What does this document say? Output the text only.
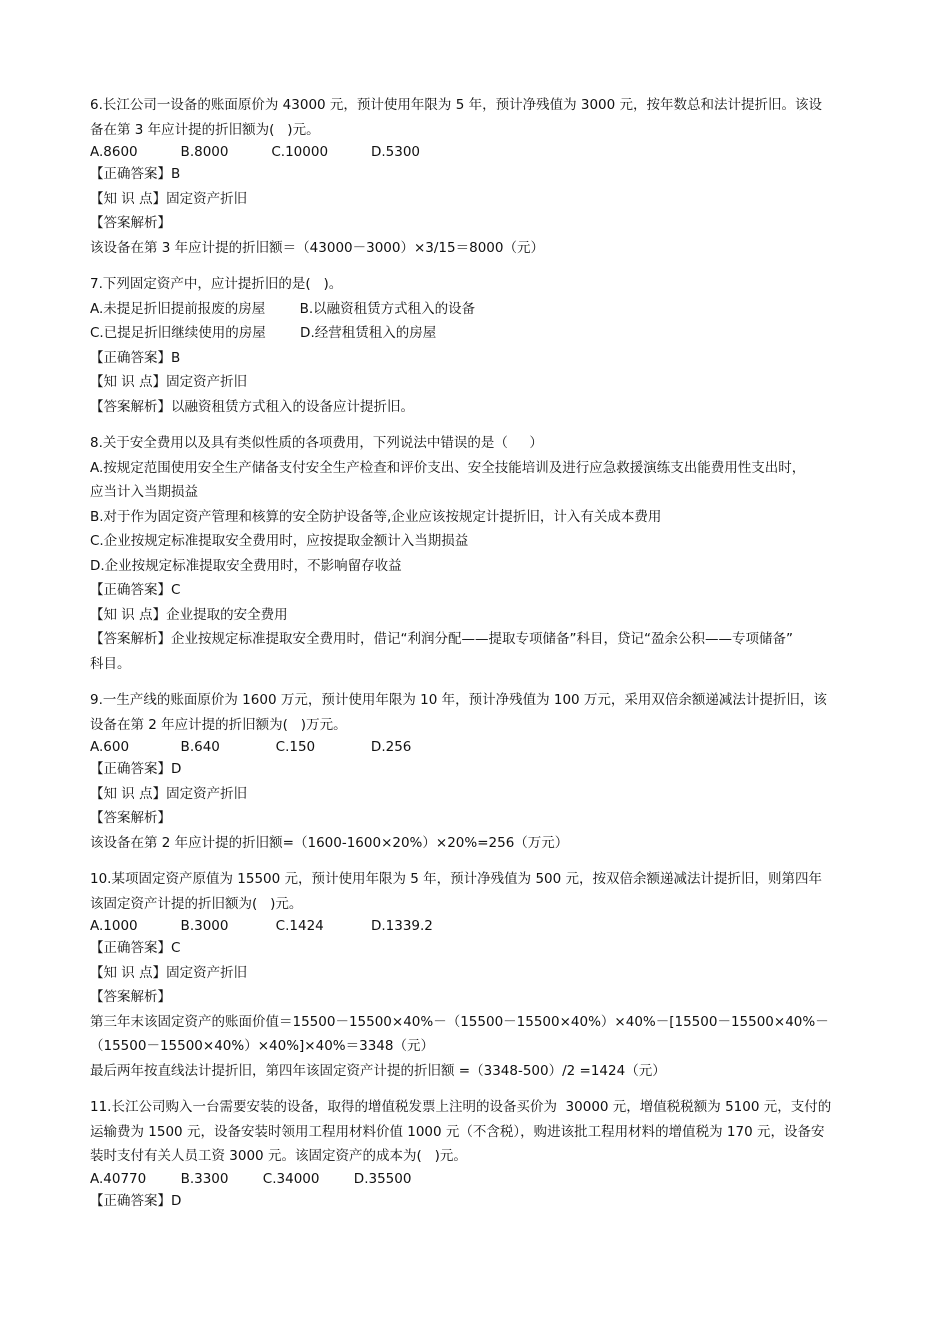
6.长江公司一设备的账面原价为 43000 元，预计使用年限为 5 年，预计净残值为 3000 元，按年数总和法计提折旧。该设
备在第 3 年应计提的折旧额为(   )元。
A.8600          B.8000          C.10000          D.5300
【正确答案】B
【知 识 点】固定资产折旧
【答案解析】
该设备在第 3 年应计提的折旧额＝（43000－3000）×3/15＝8000（元）
7.下列固定资产中，应计提折旧的是(   )。
A.未提足折旧提前报废的房屋        B.以融资租赁方式租入的设备
C.已提足折旧继续使用的房屋        D.经营租赁租入的房屋
【正确答案】B
【知 识 点】固定资产折旧
【答案解析】以融资租赁方式租入的设备应计提折旧。
8.关于安全费用以及具有类似性质的各项费用，下列说法中错误的是（     ）
A.按规定范围使用安全生产储备支付安全生产检查和评价支出、安全技能培训及进行应急救援演练支出能费用性支出时，
应当计入当期损益
B.对于作为固定资产管理和核算的安全防护设备等,企业应该按规定计提折旧，计入有关成本费用
C.企业按规定标准提取安全费用时，应按提取金额计入当期损益
D.企业按规定标准提取安全费用时，不影响留存收益
【正确答案】C
【知 识 点】企业提取的安全费用
【答案解析】企业按规定标准提取安全费用时，借记“利润分配——提取专项储备”科目，贷记“盈余公积——专项储备”
科目。
9.一生产线的账面原价为 1600 万元，预计使用年限为 10 年，预计净残值为 100 万元，采用双倍余额递减法计提折旧，该
设备在第 2 年应计提的折旧额为(   )万元。
A.600            B.640             C.150             D.256
【正确答案】D
【知 识 点】固定资产折旧
【答案解析】
该设备在第 2 年应计提的折旧额=（1600-1600×20%）×20%=256（万元）
10.某项固定资产原值为 15500 元，预计使用年限为 5 年，预计净残值为 500 元，按双倍余额递减法计提折旧，则第四年
该固定资产计提的折旧额为(   )元。
A.1000          B.3000           C.1424           D.1339.2
【正确答案】C
【知 识 点】固定资产折旧
【答案解析】
第三年末该固定资产的账面价值＝15500－15500×40%－（15500－15500×40%）×40%－[15500－15500×40%－
（15500－15500×40%）×40%]×40%＝3348（元）
最后两年按直线法计提折旧，第四年该固定资产计提的折旧额 =（3348-500）/2 =1424（元）
11.长江公司购入一台需要安装的设备，取得的增值税发票上注明的设备买价为  30000 元，增值税税额为 5100 元，支付的
运输费为 1500 元，设备安装时领用工程用材料价值 1000 元（不含税），购进该批工程用材料的增值税为 170 元，设备安
装时支付有关人员工资 3000 元。该固定资产的成本为(   )元。
A.40770        B.3300        C.34000        D.35500
【正确答案】D
